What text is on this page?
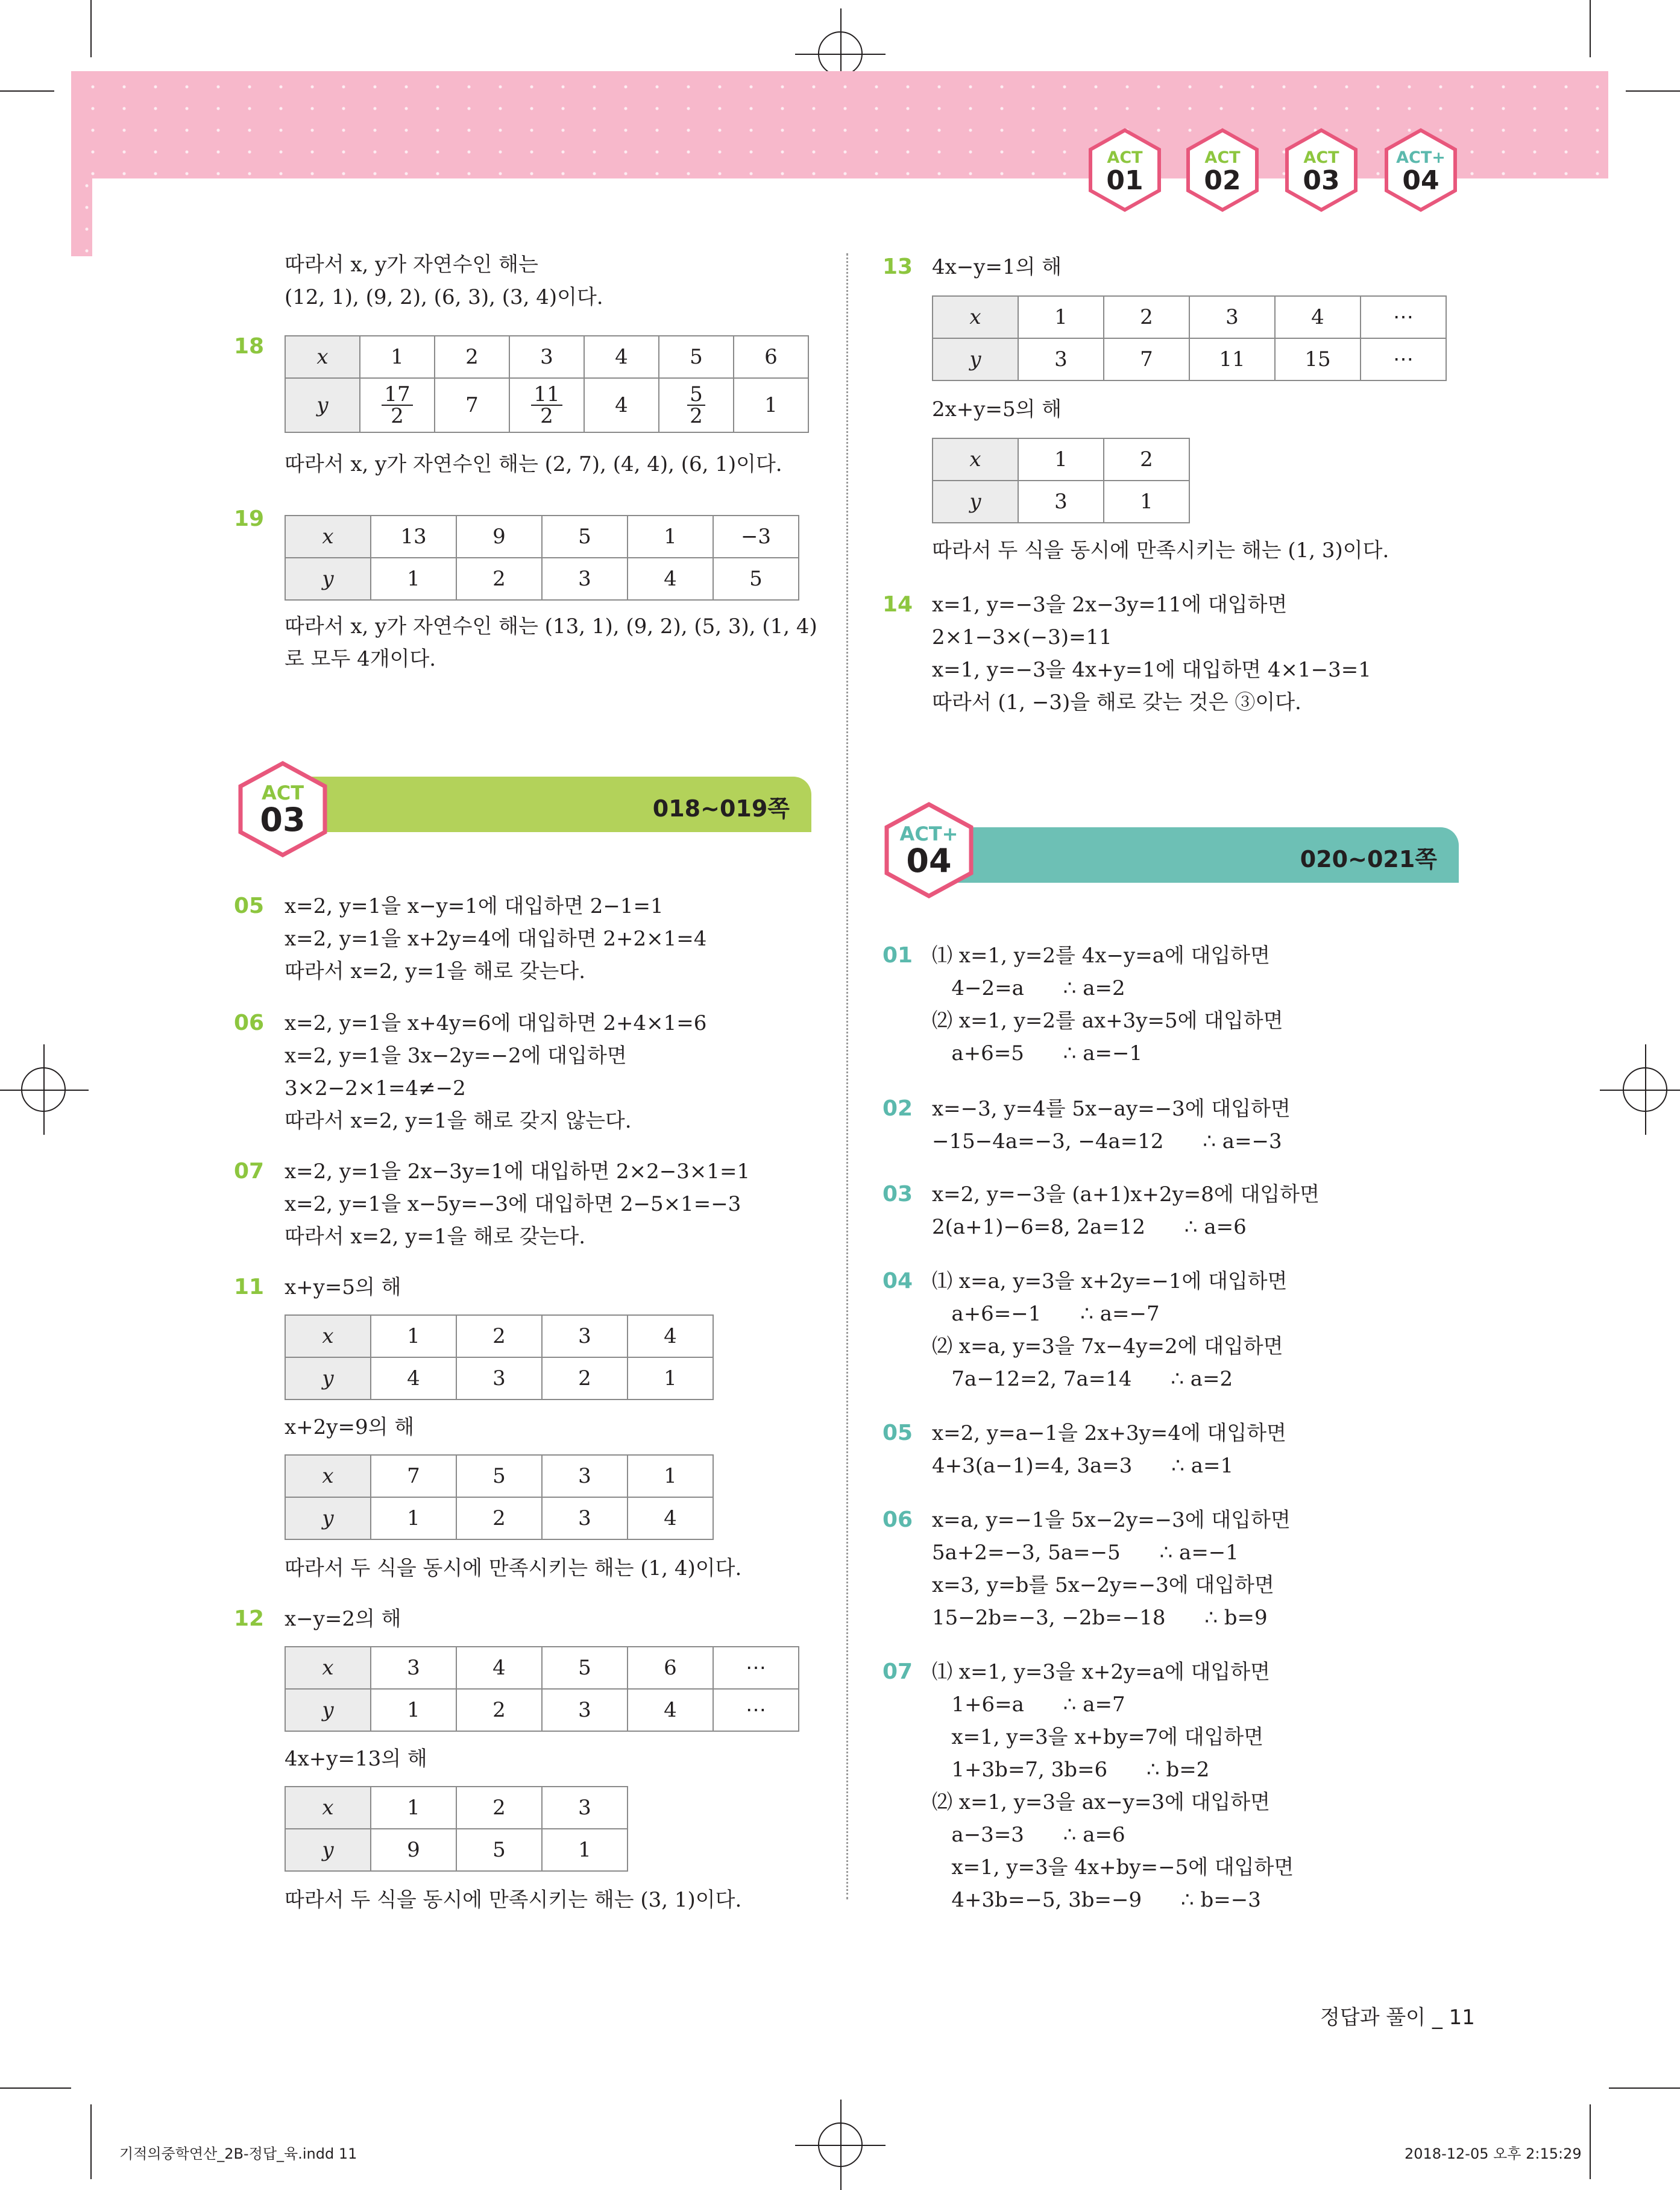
ACT
01
ACT
02
ACT
03
ACT+
04
따라서 x, y가 자연수인 해는
(12, 1), (9, 2), (6, 3), (3, 4)이다.
18	x	1	2	3	4	5	6
y	$\frac{17}{2}$	7	$\frac{11}{2}$	4	$\frac{5}{2}$	1
따라서 x, y가 자연수인 해는 (2, 7), (4, 4), (6, 1)이다.
19
x	13	9	5	1	−3
y	1	2	3	4	5
따라서 x, y가 자연수인 해는 (13, 1), (9, 2), (5, 3), (1, 4)
로 모두 4개이다.
018~019쪽
ACT
03
05 x=2, y=1을 x−y=1에 대입하면 2−1=1
x=2, y=1을 x+2y=4에 대입하면 2+2×1=4
따라서 x=2, y=1을 해로 갖는다.
06 x=2, y=1을 x+4y=6에 대입하면 2+4×1=6
x=2, y=1을 3x−2y=−2에 대입하면
3×2−2×1=4≠−2
따라서 x=2, y=1을 해로 갖지 않는다.
07 x=2, y=1을 2x−3y=1에 대입하면 2×2−3×1=1
x=2, y=1을 x−5y=−3에 대입하면 2−5×1=−3
따라서 x=2, y=1을 해로 갖는다.
11 x+y=5의 해
x	1	2	3	4
y	4	3	2	1
x+2y=9의 해
x	7	5	3	1
y	1	2	3	4
따라서 두 식을 동시에 만족시키는 해는 (1, 4)이다.
12 x−y=2의 해
x	3	4	5	6	⋯
y	1	2	3	4	⋯
4x+y=13의 해
x	1	2	3
y	9	5	1
따라서 두 식을 동시에 만족시키는 해는 (3, 1)이다.
13 4x−y=1의 해
x	1	2	3	4	⋯
y	3	7	11	15	⋯
2x+y=5의 해
x	1	2
y	3	1
따라서 두 식을 동시에 만족시키는 해는 (1, 3)이다.
14 x=1, y=−3을 2x−3y=11에 대입하면
2×1−3×(−3)=11
x=1, y=−3을 4x+y=1에 대입하면 4×1−3=1
따라서 (1, −3)을 해로 갖는 것은 ③이다.
020~021쪽
ACT+
04
01 ⑴ x=1, y=2를 4x−y=a에 대입하면
4−2=a      ∴ a=2
⑵ x=1, y=2를 ax+3y=5에 대입하면
a+6=5      ∴ a=−1
02 x=−3, y=4를 5x−ay=−3에 대입하면
−15−4a=−3, −4a=12      ∴ a=−3
03 x=2, y=−3을 (a+1)x+2y=8에 대입하면
2(a+1)−6=8, 2a=12      ∴ a=6
04 ⑴ x=a, y=3을 x+2y=−1에 대입하면
a+6=−1      ∴ a=−7
⑵ x=a, y=3을 7x−4y=2에 대입하면
7a−12=2, 7a=14      ∴ a=2
05 x=2, y=a−1을 2x+3y=4에 대입하면
4+3(a−1)=4, 3a=3      ∴ a=1
06 x=a, y=−1을 5x−2y=−3에 대입하면
5a+2=−3, 5a=−5      ∴ a=−1
x=3, y=b를 5x−2y=−3에 대입하면
15−2b=−3, −2b=−18      ∴ b=9
07 ⑴ x=1, y=3을 x+2y=a에 대입하면
1+6=a      ∴ a=7
x=1, y=3을 x+by=7에 대입하면
1+3b=7, 3b=6      ∴ b=2
⑵ x=1, y=3을 ax−y=3에 대입하면
a−3=3      ∴ a=6
x=1, y=3을 4x+by=−5에 대입하면
4+3b=−5, 3b=−9      ∴ b=−3
정답과 풀이 _ 11
기적의중학연산_2B-정답_육.indd 11	2018-12-05 오후 2:15:29
